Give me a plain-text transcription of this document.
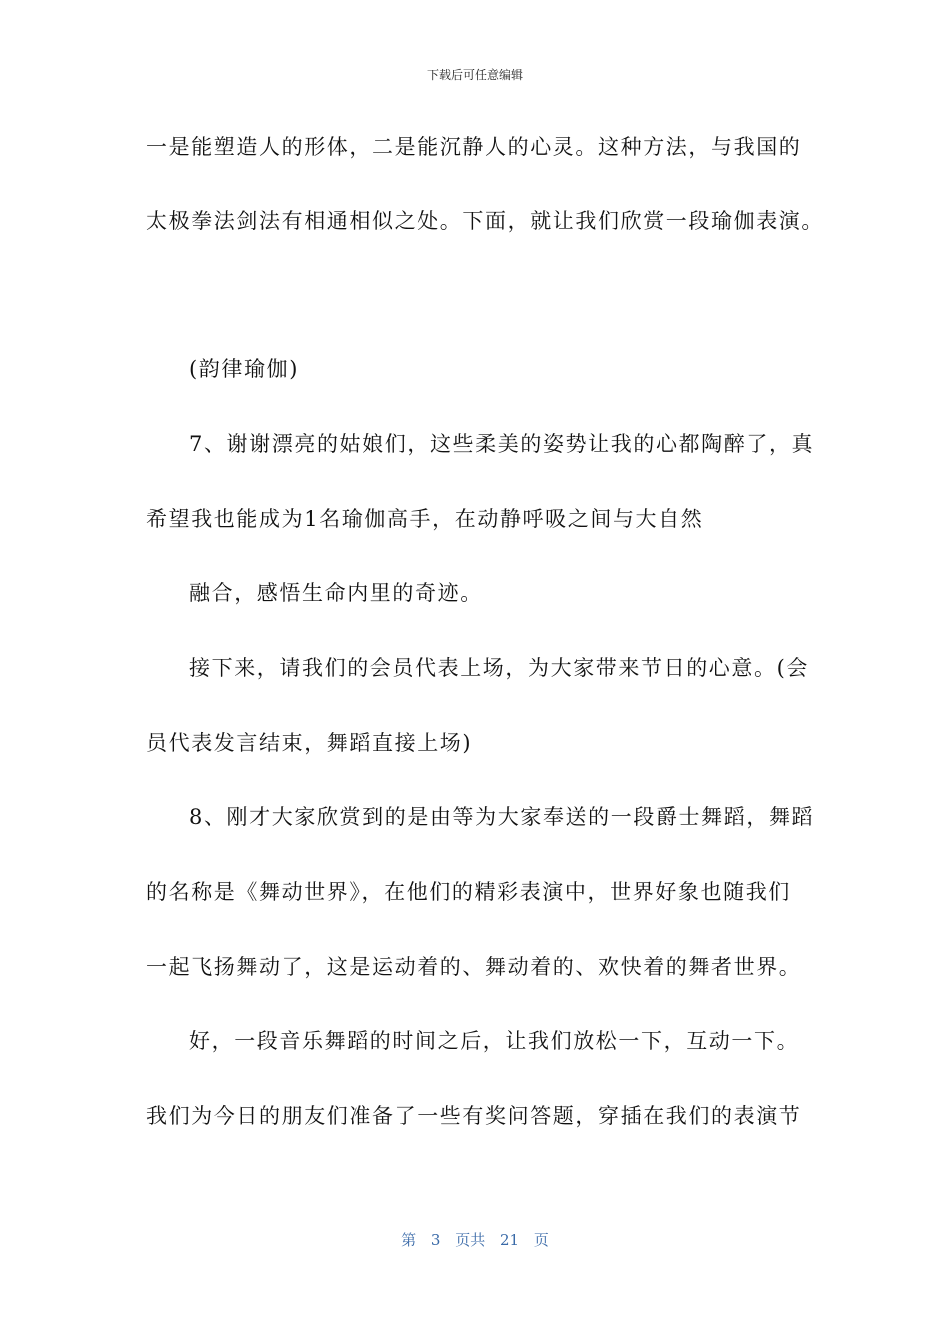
下载后可任意编辑
一是能塑造人的形体，二是能沉静人的心灵。这种方法，与我国的
太极拳法剑法有相通相似之处。下面，就让我们欣赏一段瑜伽表演。
(韵律瑜伽)
7、谢谢漂亮的姑娘们，这些柔美的姿势让我的心都陶醉了，真
希望我也能成为1名瑜伽高手，在动静呼吸之间与大自然
融合，感悟生命内里的奇迹。
接下来，请我们的会员代表上场，为大家带来节日的心意。(会
员代表发言结束，舞蹈直接上场)
8、刚才大家欣赏到的是由等为大家奉送的一段爵士舞蹈，舞蹈
的名称是《舞动世界》，在他们的精彩表演中，世界好象也随我们
一起飞扬舞动了，这是运动着的、舞动着的、欢快着的舞者世界。
好，一段音乐舞蹈的时间之后，让我们放松一下，互动一下。
我们为今日的朋友们准备了一些有奖问答题，穿插在我们的表演节
第 3 页共 21 页
